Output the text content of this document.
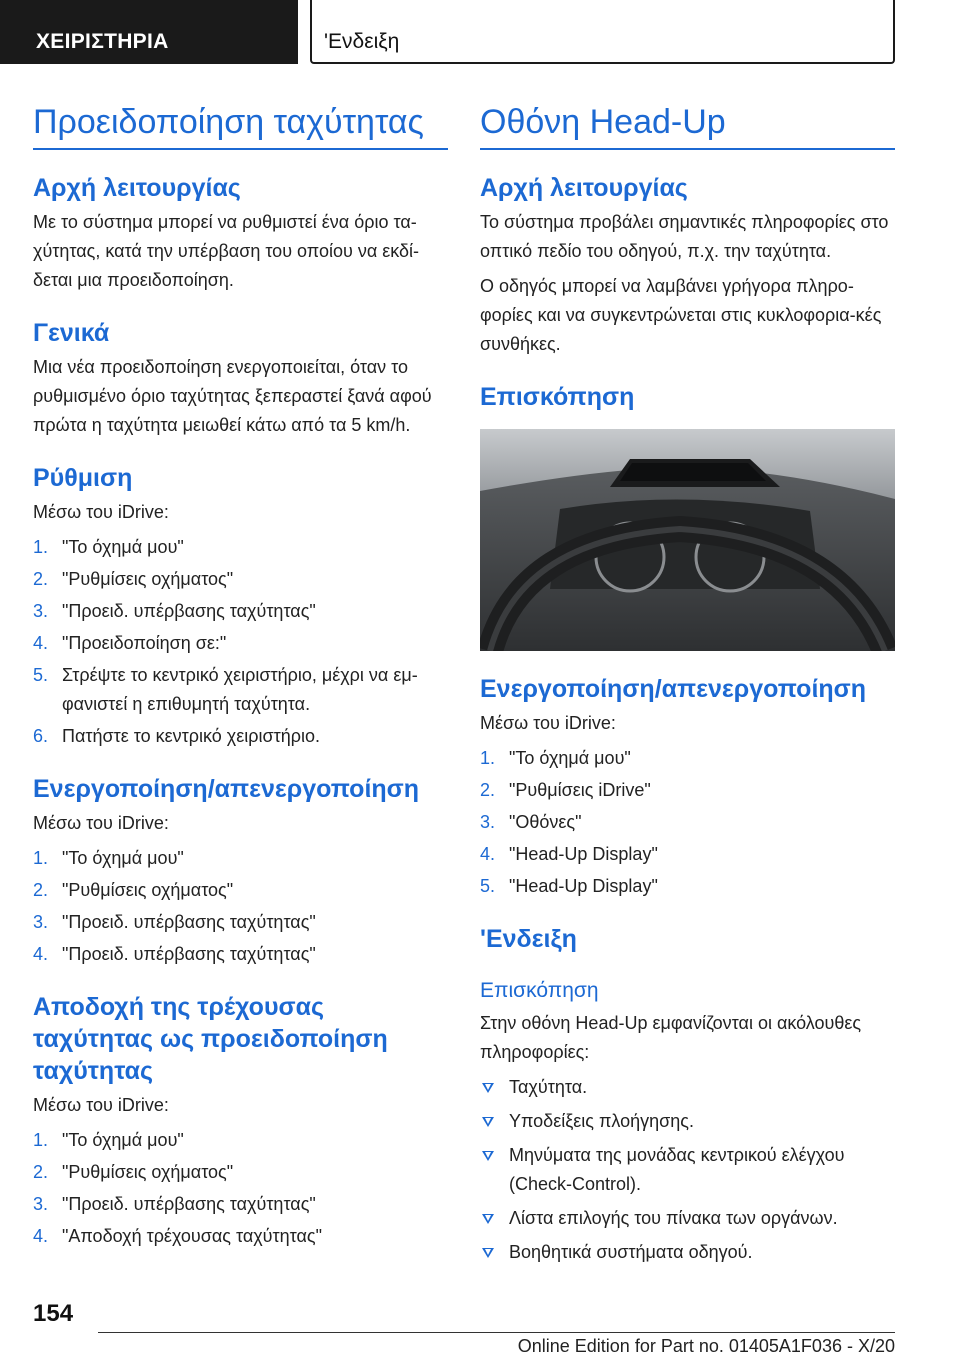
ΧΕΙΡΙΣΤΗΡΙΑ	'Ενδειξη
Προειδοποίηση ταχύτητας
Αρχή λειτουργίας

Με το σύστημα μπορεί να ρυθμιστεί ένα όριο τα‐χύτητας, κατά την υπέρβαση του οποίου να εκδί‐δεται μια προειδοποίηση.

Γενικά

Μια νέα προειδοποίηση ενεργοποιείται, όταν το ρυθμισμένο όριο ταχύτητας ξεπεραστεί ξανά αφού πρώτα η ταχύτητα μειωθεί κάτω από τα 5 km/h.

Ρύθμιση

Μέσω του iDrive:

1. "Το όχημά μου"
2. "Ρυθμίσεις οχήματος"
3. "Προειδ. υπέρβασης ταχύτητας"
4. "Προειδοποίηση σε:"
5. Στρέψτε το κεντρικό χειριστήριο, μέχρι να εμ‐φανιστεί η επιθυμητή ταχύτητα.
6. Πατήστε το κεντρικό χειριστήριο.
Ενεργοποίηση/απενεργοποίηση

Μέσω του iDrive:

1. "Το όχημά μου"
2. "Ρυθμίσεις οχήματος"
3. "Προειδ. υπέρβασης ταχύτητας"
4. "Προειδ. υπέρβασης ταχύτητας"
Αποδοχή της τρέχουσας ταχύτητας ως προειδοποίηση ταχύτητας

Μέσω του iDrive:

1. "Το όχημά μου"
2. "Ρυθμίσεις οχήματος"
3. "Προειδ. υπέρβασης ταχύτητας"
4. "Αποδοχή τρέχουσας ταχύτητας"
Οθόνη Head-Up
Αρχή λειτουργίας

Το σύστημα προβάλει σημαντικές πληροφορίες στο οπτικό πεδίο του οδηγού, π.χ. την ταχύτητα.

Ο οδηγός μπορεί να λαμβάνει γρήγορα πληρο‐φορίες και να συγκεντρώνεται στις κυκλοφορια‐κές συνθήκες.

Επισκόπηση
Ενεργοποίηση/απενεργοποίηση

Μέσω του iDrive:

1. "Το όχημά μου"
2. "Ρυθμίσεις iDrive"
3. "Οθόνες"
4. "Head-Up Display"
5. "Head-Up Display"
'Ενδειξη
Επισκόπηση

Στην οθόνη Head-Up εμφανίζονται οι ακόλουθες πληροφορίες:

Ταχύτητα.
Υποδείξεις πλοήγησης.
Μηνύματα της μονάδας κεντρικού ελέγχου (Check-Control).
Λίστα επιλογής του πίνακα των οργάνων.
Βοηθητικά συστήματα οδηγού.
154
Online Edition for Part no. 01405A1F036 - X/20
